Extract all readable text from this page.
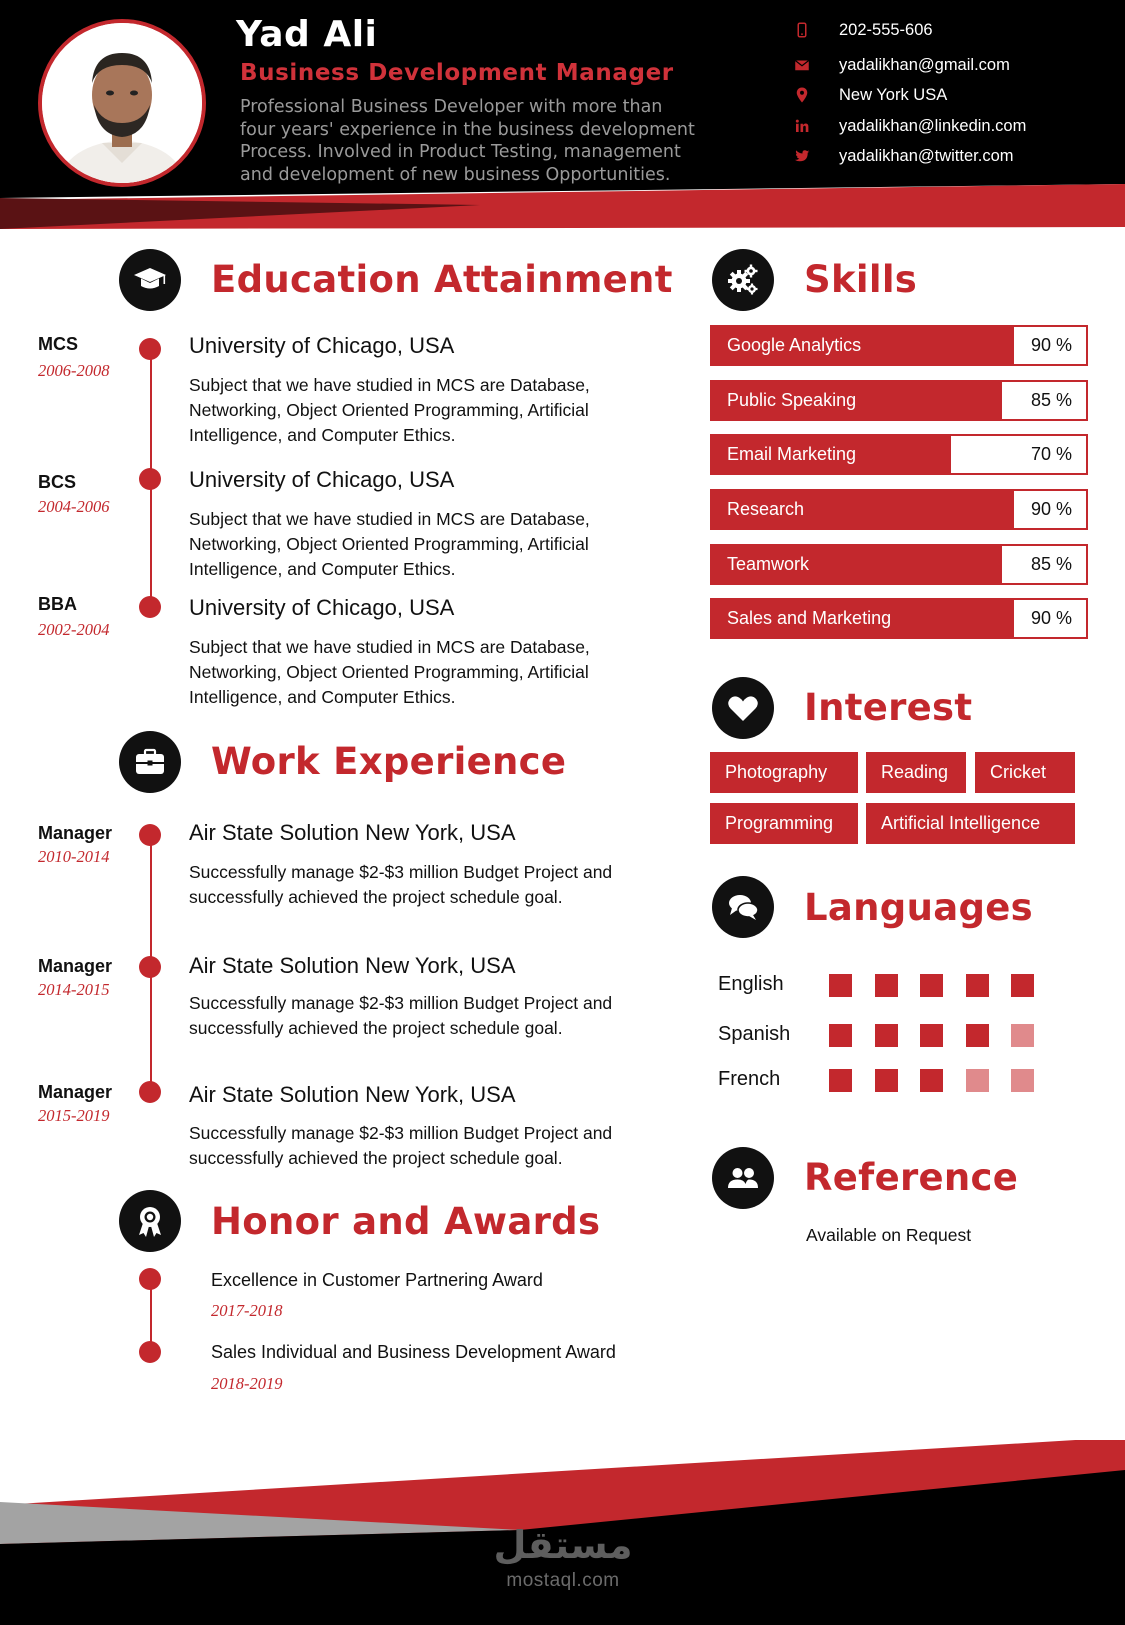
Yad Ali
Business Development Manager
Professional Business Developer with more than four years' experience in the business development Process. Involved in Product Testing, management and development of new business Opportunities.
202-555-606
yadalikhan@gmail.com
New York USA
yadalikhan@linkedin.com
yadalikhan@twitter.com
Education Attainment
MCS
2006-2008
University of Chicago, USA
Subject that we have studied in MCS are Database, Networking, Object Oriented Programming, Artificial Intelligence, and Computer Ethics.
BCS
2004-2006
University of Chicago, USA
Subject that we have studied in MCS are Database, Networking, Object Oriented Programming, Artificial Intelligence, and Computer Ethics.
BBA
2002-2004
University of Chicago, USA
Subject that we have studied in MCS are Database, Networking, Object Oriented Programming, Artificial Intelligence, and Computer Ethics.
Work Experience
Manager
2010-2014
Air State Solution New York, USA
Successfully manage $2-$3 million Budget Project and successfully achieved the project schedule goal.
Manager
2014-2015
Air State Solution New York, USA
Successfully manage $2-$3 million Budget Project and successfully achieved the project schedule goal.
Manager
2015-2019
Air State Solution New York, USA
Successfully manage $2-$3 million Budget Project and successfully achieved the project schedule goal.
Honor and Awards
Excellence in Customer Partnering Award
2017-2018
Sales Individual and Business Development Award
2018-2019
Skills
Google Analytics	90 %
Public Speaking	85 %
Email Marketing	70 %
Research	90 %
Teamwork	85 %
Sales and Marketing	90 %
Interest
Photography	Reading	Cricket
Programming	Artificial Intelligence
Languages
English
Spanish
French
Reference
Available on Request
مستقل
mostaql.com
